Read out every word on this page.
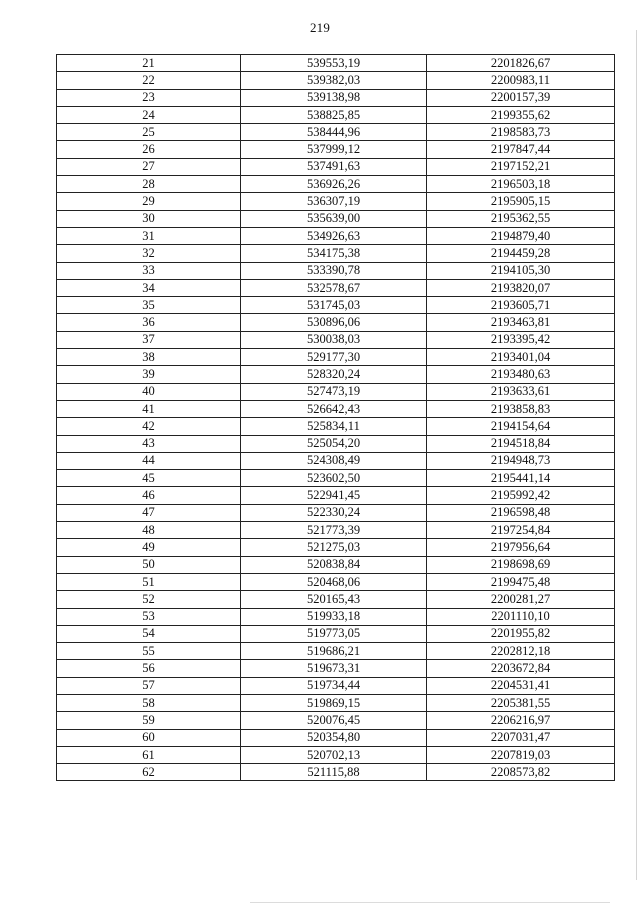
219
21	539553,19	2201826,67
22	539382,03	2200983,11
23	539138,98	2200157,39
24	538825,85	2199355,62
25	538444,96	2198583,73
26	537999,12	2197847,44
27	537491,63	2197152,21
28	536926,26	2196503,18
29	536307,19	2195905,15
30	535639,00	2195362,55
31	534926,63	2194879,40
32	534175,38	2194459,28
33	533390,78	2194105,30
34	532578,67	2193820,07
35	531745,03	2193605,71
36	530896,06	2193463,81
37	530038,03	2193395,42
38	529177,30	2193401,04
39	528320,24	2193480,63
40	527473,19	2193633,61
41	526642,43	2193858,83
42	525834,11	2194154,64
43	525054,20	2194518,84
44	524308,49	2194948,73
45	523602,50	2195441,14
46	522941,45	2195992,42
47	522330,24	2196598,48
48	521773,39	2197254,84
49	521275,03	2197956,64
50	520838,84	2198698,69
51	520468,06	2199475,48
52	520165,43	2200281,27
53	519933,18	2201110,10
54	519773,05	2201955,82
55	519686,21	2202812,18
56	519673,31	2203672,84
57	519734,44	2204531,41
58	519869,15	2205381,55
59	520076,45	2206216,97
60	520354,80	2207031,47
61	520702,13	2207819,03
62	521115,88	2208573,82
